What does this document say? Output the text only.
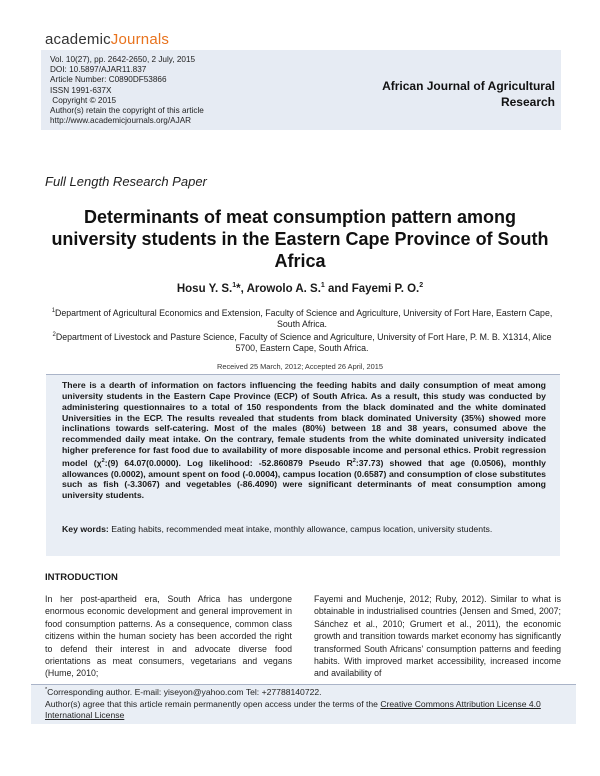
academicJournals
Vol. 10(27), pp. 2642-2650, 2 July, 2015
DOI: 10.5897/AJAR11.837
Article Number: C0890DF53866
ISSN 1991-637X
Copyright © 2015
Author(s) retain the copyright of this article
http://www.academicjournals.org/AJAR
African Journal of Agricultural
Research
Full Length Research Paper
Determinants of meat consumption pattern among university students in the Eastern Cape Province of South Africa
Hosu Y. S.$^1$*, Arowolo A. S.$^1$ and Fayemi P. O.$^2$
$^1$Department of Agricultural Economics and Extension, Faculty of Science and Agriculture, University of Fort Hare, Eastern Cape, South Africa.
$^2$Department of Livestock and Pasture Science, Faculty of Science and Agriculture, University of Fort Hare, P. M. B. X1314, Alice 5700, Eastern Cape, South Africa.
Received 25 March, 2012; Accepted 26 April, 2015
There is a dearth of information on factors influencing the feeding habits and daily consumption of meat among university students in the Eastern Cape Province (ECP) of South Africa. As a result, this study was conducted by administering questionnaires to a total of 150 respondents from the black dominated and the white dominated Universities in the ECP. The results revealed that students from black dominated University (35%) showed more inclinations towards self-catering. Most of the males (80%) between 18 and 38 years, consumed above the recommended daily meat intake. On the contrary, female students from the white dominated university indicated higher preference for fast food due to availability of more disposable income and personal ethics. Probit regression model ($\chi^2:(9)$ 64.07(0.0000). Log likelihood: -52.860879 Pseudo $R^2:37.73$) showed that age (0.0506), monthly allowances (0.0002), amount spent on food (-0.0004), campus location (0.6587) and consumption of close substitutes such as fish (-3.3067) and vegetables (-86.4090) were significant determinants of meat consumption among university students.
Key words: Eating habits, recommended meat intake, monthly allowance, campus location, university students.
INTRODUCTION
In her post-apartheid era, South Africa has undergone enormous economic development and general improvement in food consumption patterns. As a consequence, common class citizens within the human society has been accorded the right to defend their interest in and advocate diverse food orientations as meat consumers, vegetarians and vegans (Hume, 2010;
Fayemi and Muchenje, 2012; Ruby, 2012). Similar to what is obtainable in industrialised countries (Jensen and Smed, 2007; Sánchez et al., 2010; Grumert et al., 2011), the economic growth and transition towards market economy has significantly transformed South Africans' consumption patterns and feeding habits. With improved market accessibility, increased income and availability of
*Corresponding author. E-mail: yiseyon@yahoo.com Tel: +27788140722.
Author(s) agree that this article remain permanently open access under the terms of the Creative Commons Attribution License 4.0 International License
